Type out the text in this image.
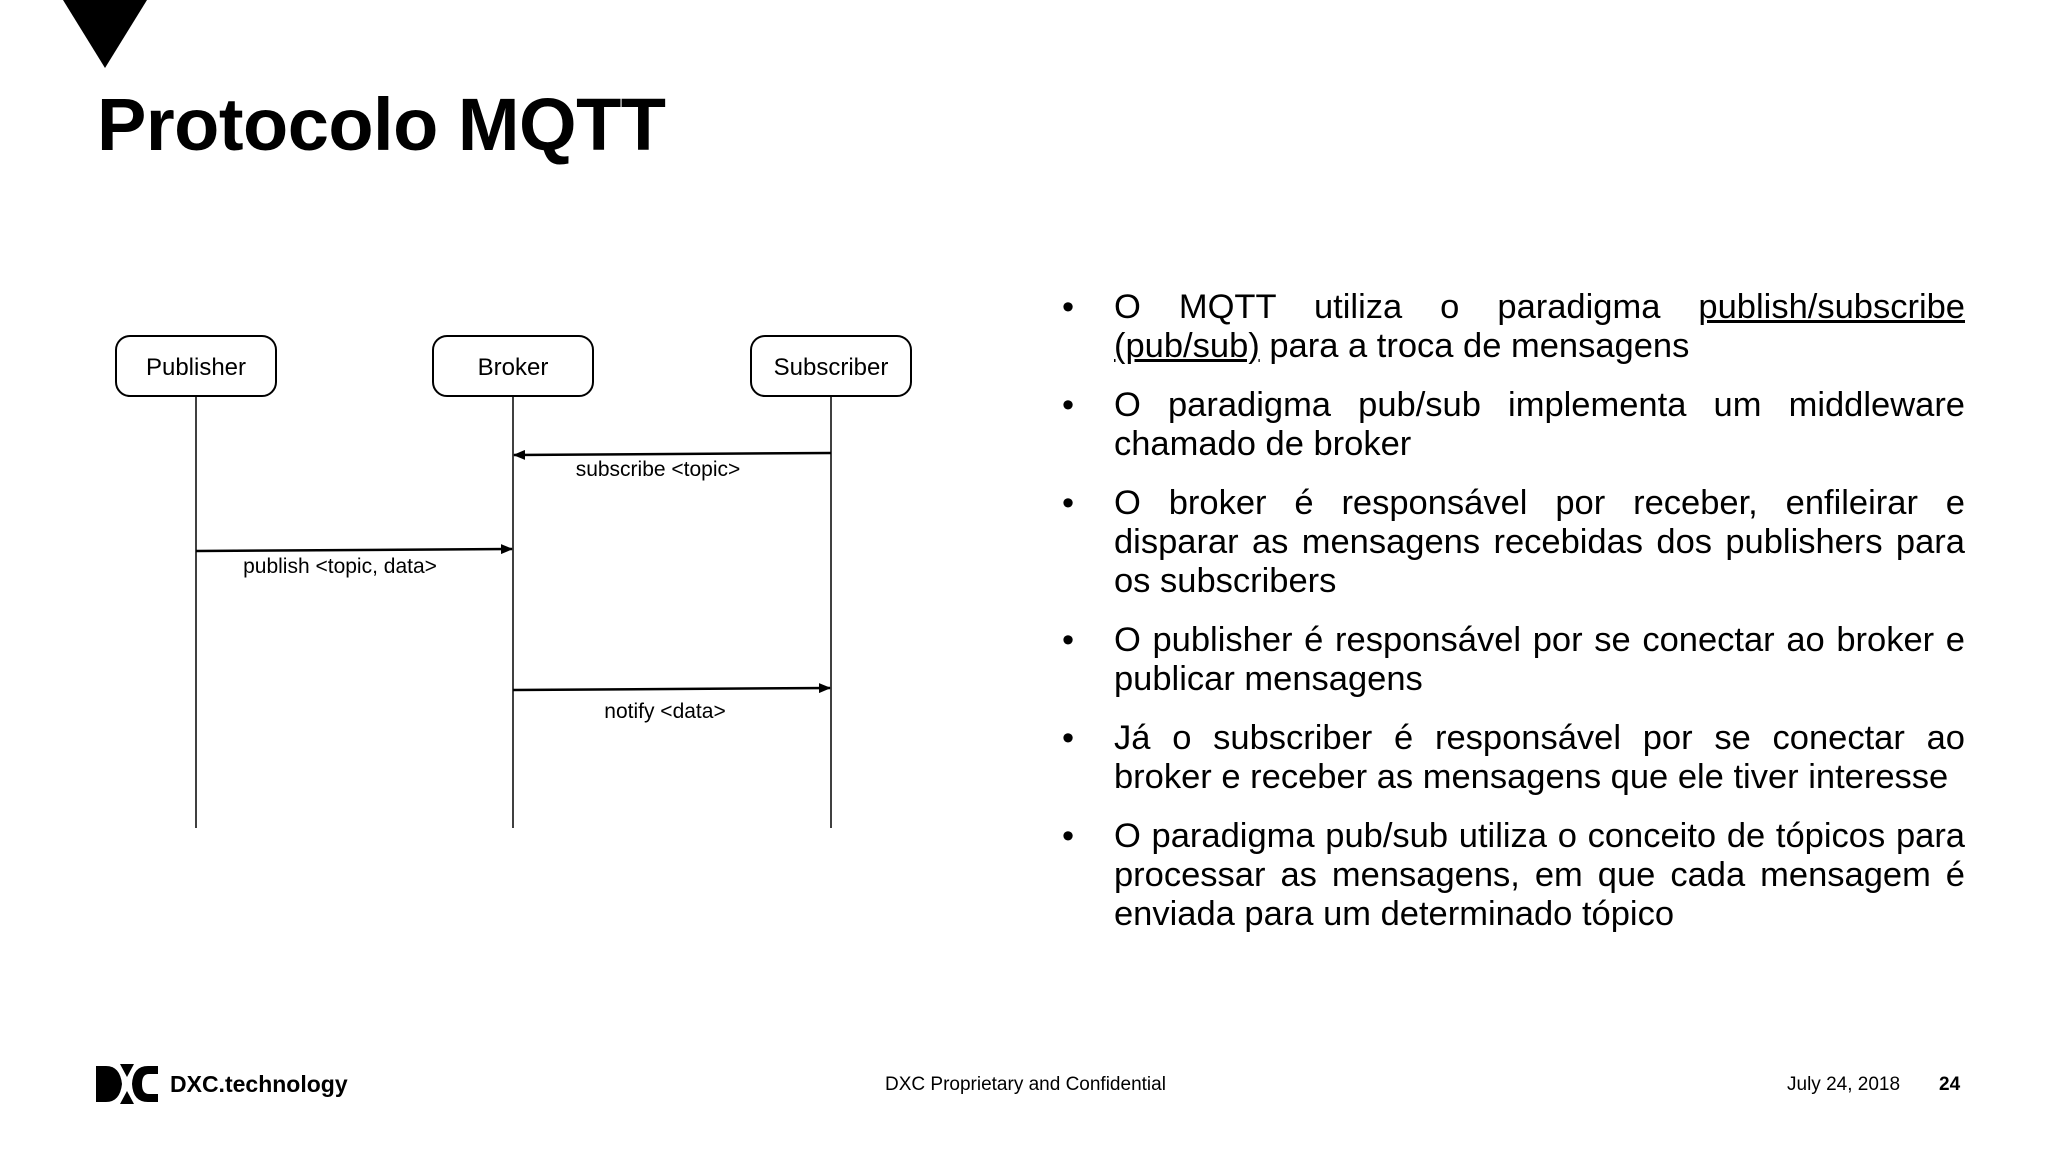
Protocolo MQTT
Publisher	Broker	Subscriber
subscribe <topic>
publish <topic, data>
notify <data>
• O MQTT utiliza o paradigma publish/subscribe (pub/sub) para a troca de mensagens
• O paradigma pub/sub implementa um middleware chamado de broker
• O broker é responsável por receber, enfileirar e disparar as mensagens recebidas dos publishers para os subscribers
• O publisher é responsável por se conectar ao broker e publicar mensagens
• Já o subscriber é responsável por se conectar ao broker e receber as mensagens que ele tiver interesse
• O paradigma pub/sub utiliza o conceito de tópicos para processar as mensagens, em que cada mensagem é enviada para um determinado tópico
DXC.technology	DXC Proprietary and Confidential	July 24, 2018 24
